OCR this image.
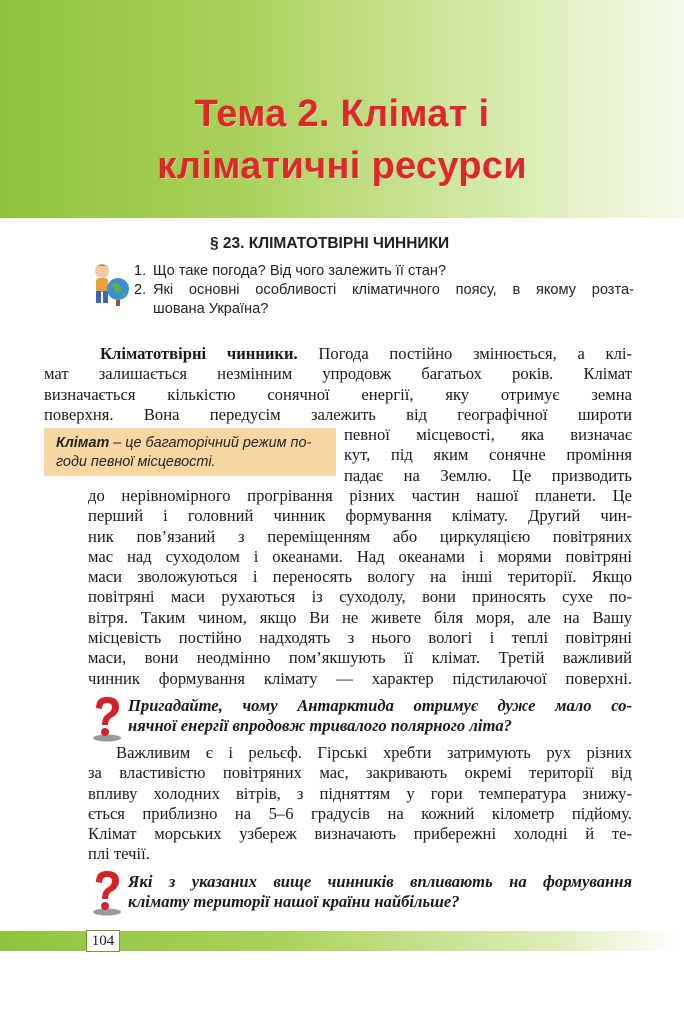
Тема 2. Клімат і
кліматичні ресурси
§ 23. КЛІМАТОТВІРНІ ЧИННИКИ
1. Що таке погода? Від чого залежить її стан?
2. Які основні особливості кліматичного поясу, в якому розта-
шована Україна?
Кліматотвірні чинники. Погода постійно змінюється, а клі-
мат залишається незмінним упродовж багатьох років. Клімат
визначається кількістю сонячної енергії, яку отримує земна
поверхня. Вона передусім залежить від географічної широти
Клімат – це багаторічний режим по-
годи певної місцевості.
певної місцевості, яка визначає
кут, під яким сонячне проміння
падає на Землю. Це призводить
до нерівномірного прогрівання різних частин нашої планети. Це
перший і головний чинник формування клімату. Другий чин-
ник пов’язаний з переміщенням або циркуляцією повітряних
мас над суходолом і океанами. Над океанами і морями повітряні
маси зволожуються і переносять вологу на інші території. Якщо
повітряні маси рухаються із суходолу, вони приносять сухе по-
вітря. Таким чином, якщо Ви не живете біля моря, але на Вашу
місцевість постійно надходять з нього вологі і теплі повітряні
маси, вони неодмінно пом’якшують її клімат. Третій важливий
чинник формування клімату — характер підстилаючої поверхні.
Пригадайте, чому Антарктида отримує дуже мало со-
нячної енергії впродовж тривалого полярного літа?
Важливим є і рельєф. Гірські хребти затримують рух різних
за властивістю повітряних мас, закривають окремі території від
впливу холодних вітрів, з підняттям у гори температура знижу-
ється приблизно на 5–6 градусів на кожний кілометр підйому.
Клімат морських узбереж визначають прибережні холодні й те-
плі течії.
Які з указаних вище чинників впливають на формування
клімату території нашої країни найбільше?
104
